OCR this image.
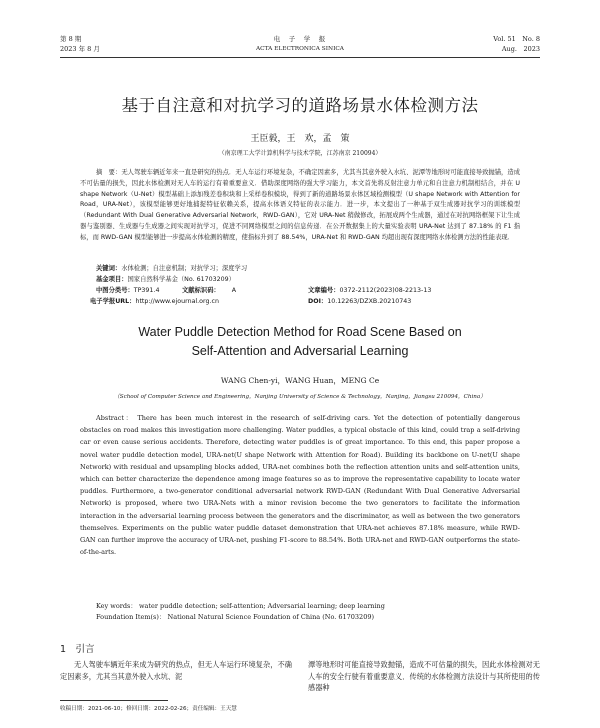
第 8 期
2023 年 8 月
电　子　学　报
ACTA ELECTRONICA SINICA
Vol. 51　No. 8
Aug.　2023
基于自注意和对抗学习的道路场景水体检测方法
王臣毅，王　欢，孟　策
（南京理工大学计算机科学与技术学院，江苏南京 210094）
摘　要：无人驾驶车辆近年来一直是研究的热点．无人车运行环境复杂，不确定因素多，尤其当其意外驶入水坑、泥潭等地形时可能直接导致抛锚，造成不可估量的损失，因此水体检测对无人车的运行有着重要意义．借助深度网络的强大学习能力，本文首先将反射注意力单元和自注意力机制相结合，并在 U shape Network（U-Net）模型基础上添加残差卷积块和上采样卷积模块，得到了新的道路场景水体区域检测模型（U shape Network with Attention for Road，URA-Net），该模型能够更好地捕捉特征依赖关系，提高水体语义特征的表示能力．进一步，本文提出了一种基于双生成器对抗学习的训练模型（Redundant With Dual Generative Adversarial Network，RWD-GAN），它对 URA-Net 稍做修改，拓展成两个生成器，通过在对抗网络框架下让生成器与鉴别器、生成器与生成器之间实现对抗学习，促进不同网络模型之间的信息传递．在公开数据集上的大量实验表明 URA-Net 达到了 87.18% 的 F1 指标，而 RWD-GAN 模型能够进一步提高水体检测的精度，使指标升到了 88.54%，URA-Net 和 RWD-GAN 均超出现有深度网络水体检测方法的性能表现．
关键词：水体检测；自注意机制；对抗学习；深度学习
基金项目：国家自然科学基金（No. 61703209）
中图分类号： TP391.4	文献标识码：	A	文章编号： 0372-2112(2023)08-2213-13
电子学报URL： http://www.ejournal.org.cn	DOI： 10.12263/DZXB.20210743
Water Puddle Detection Method for Road Scene Based on
Self-Attention and Adversarial Learning
WANG Chen-yi，WANG Huan，MENG Ce
（School of Computer Science and Engineering，Nanjing University of Science & Technology，Nanjing，Jiangsu 210094，China）
Abstract： There has been much interest in the research of self-driving cars. Yet the detection of potentially dangerous obstacles on road makes this investigation more challenging. Water puddles, a typical obstacle of this kind, could trap a self-driving car or even cause serious accidents. Therefore, detecting water puddles is of great importance. To this end, this paper propose a novel water puddle detection model, URA-net(U shape Network with Attention for Road). Building its backbone on U-net(U shape Network) with residual and upsampling blocks added, URA-net combines both the reflection attention units and self-attention units, which can better characterize the dependence among image features so as to improve the representative capability to locate water puddles. Furthermore, a two-generator conditional adversarial network RWD-GAN (Redundant With Dual Generative Adversarial Network) is proposed, where two URA-Nets with a minor revision become the two generators to facilitate the information interaction in the adversarial learning process between the generators and the discriminator, as well as between the two generators themselves. Experiments on the public water puddle dataset demonstration that URA-net achieves 87.18% measure, while RWD-GAN can further improve the accuracy of URA-net, pushing F1-score to 88.54%. Both URA-net and RWD-GAN outperforms the state-of-the-arts.
Key words： water puddle detection; self-attention; Adversarial learning; deep learning
Foundation Item(s)： National Natural Science Foundation of China (No. 61703209)
1　引言
无人驾驶车辆近年来成为研究的热点，但无人车运行环境复杂，不确定因素多，尤其当其意外驶入水坑、泥
潭等地形时可能直接导致抛锚，造成不可估量的损失，因此水体检测对无人车的安全行驶有着重要意义．传统的水体检测方法设计与其所使用的传感器种
收稿日期：2021-06-10；修回日期：2022-02-26；责任编辑：王天慧
